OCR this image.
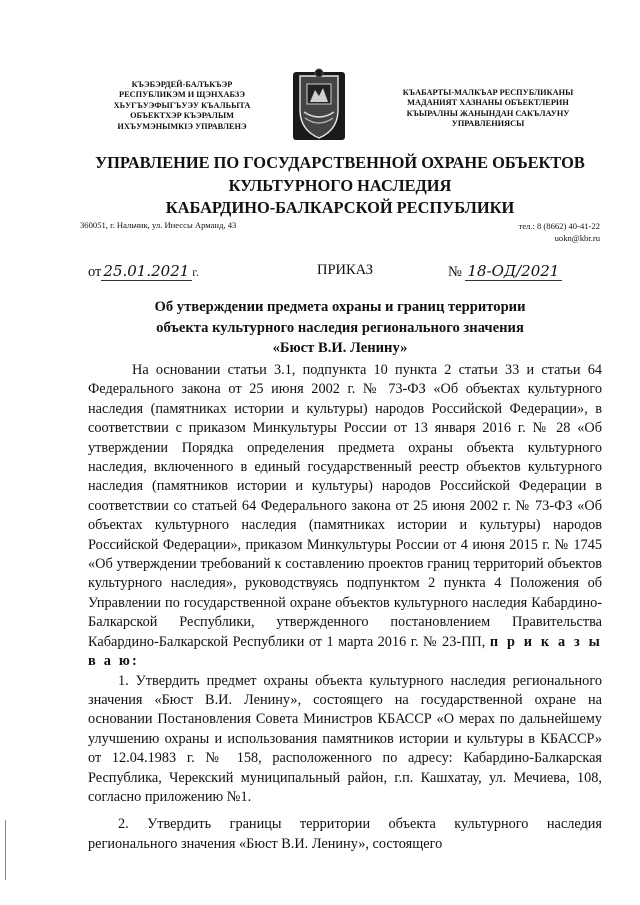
КЪЭБЭРДЕЙ-БАЛЪКЪЭР
РЕСПУБЛИКЭМ И ЩЭНХАБЗЭ
ХЬУГЪУЭФЫГЪУЭУ КЪАЛЬЫТА
ОБЪЕКТХЭР КЪЭРАЛЫМ
ИХЪУМЭНЫМКIЭ УПРАВЛЕНЭ
КЪАБАРТЫ-МАЛКЪАР РЕСПУБЛИКАНЫ
МАДАНИЯТ ХАЗНАНЫ ОБЪЕКТЛЕРИН
КЪЫРАЛНЫ ЖАНЫНДАН САКЪЛАУНУ
УПРАВЛЕНИЯСЫ
УПРАВЛЕНИЕ ПО ГОСУДАРСТВЕННОЙ ОХРАНЕ ОБЪЕКТОВ
КУЛЬТУРНОГО НАСЛЕДИЯ
КАБАРДИНО-БАЛКАРСКОЙ РЕСПУБЛИКИ
360051, г. Нальчик, ул. Инессы Арманд, 43	тел.: 8 (8662) 40-41-22
uokn@kbr.ru
от 25.01.2021 г.	ПРИКАЗ	№ 18-ОД/2021
Об утверждении предмета охраны и границ территории
объекта культурного наследия регионального значения
«Бюст В.И. Ленину»

На основании статьи 3.1, подпункта 10 пункта 2 статьи 33 и статьи 64 Федерального закона от 25 июня 2002 г. № 73-ФЗ «Об объектах культурного наследия (памятниках истории и культуры) народов Российской Федерации», в соответствии с приказом Минкультуры России от 13 января 2016 г. № 28 «Об утверждении Порядка определения предмета охраны объекта культурного наследия, включенного в единый государственный реестр объектов культурного наследия (памятников истории и культуры) народов Российской Федерации в соответствии со статьей 64 Федерального закона от 25 июня 2002 г. № 73-ФЗ «Об объектах культурного наследия (памятниках истории и культуры) народов Российской Федерации», приказом Минкультуры России от 4 июня 2015 г. № 1745 «Об утверждении требований к составлению проектов границ территорий объектов культурного наследия», руководствуясь подпунктом 2 пункта 4 Положения об Управлении по государственной охране объектов культурного наследия Кабардино-Балкарской Республики, утвержденного постановлением Правительства Кабардино-Балкарской Республики от 1 марта 2016 г. № 23-ПП, п р и к а з ы в а ю:

1. Утвердить предмет охраны объекта культурного наследия регионального значения «Бюст В.И. Ленину», состоящего на государственной охране на основании Постановления Совета Министров КБАССР «О мерах по дальнейшему улучшению охраны и использования памятников истории и культуры в КБАССР» от 12.04.1983 г. № 158, расположенного по адресу: Кабардино-Балкарская Республика, Черекский муниципальный район, г.п. Кашхатау, ул. Мечиева, 108, согласно приложению №1.

2. Утвердить границы территории объекта культурного наследия регионального значения «Бюст В.И. Ленину», состоящего
